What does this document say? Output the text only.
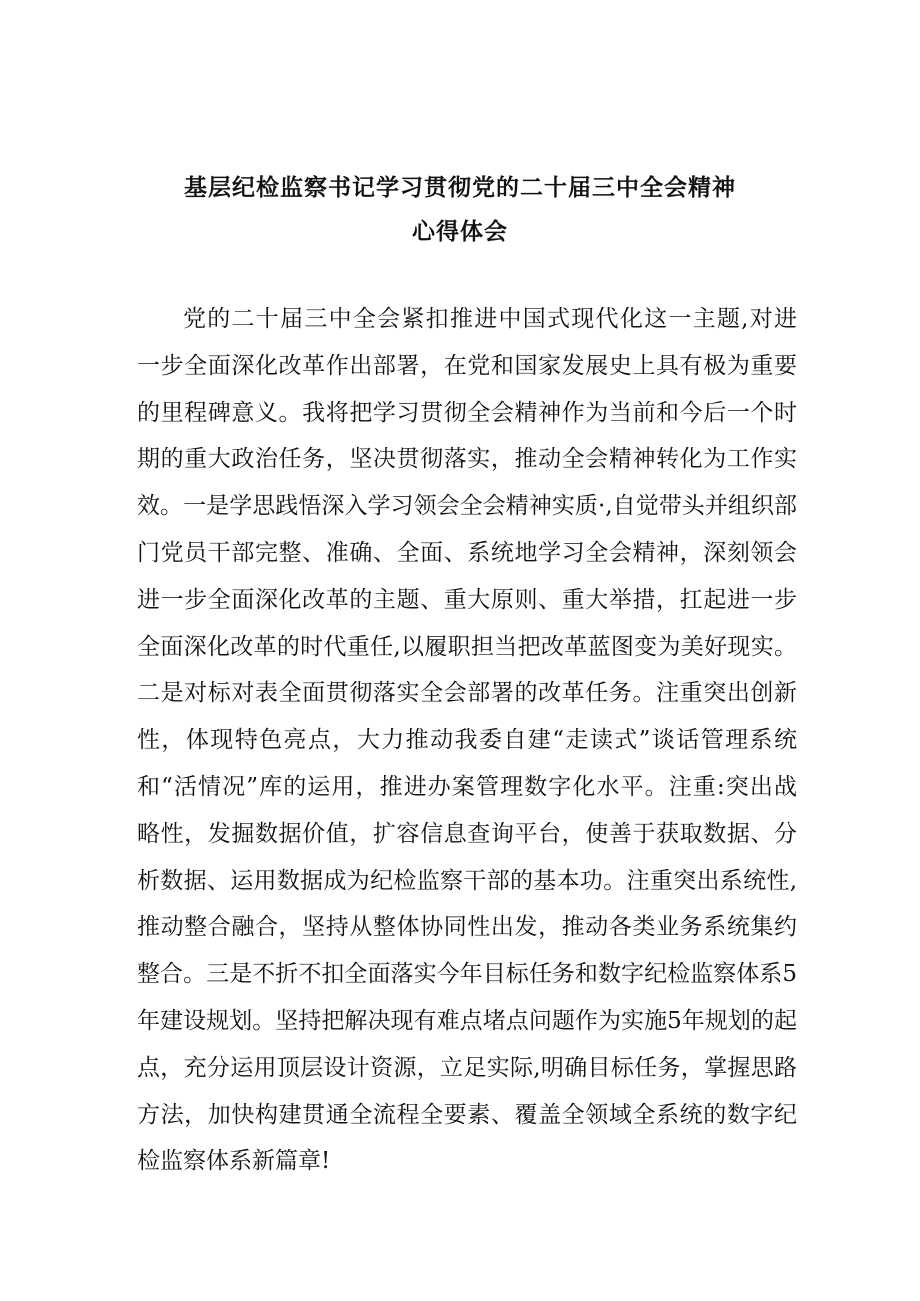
基层纪检监察书记学习贯彻党的二十届三中全会精神
心得体会
党的二十届三中全会紧扣推进中国式现代化这一主题,对进
一步全面深化改革作出部署，在党和国家发展史上具有极为重要
的里程碑意义。我将把学习贯彻全会精神作为当前和今后一个时
期的重大政治任务，坚决贯彻落实，推动全会精神转化为工作实
效。一是学思践悟深入学习领会全会精神实质·,自觉带头并组织部
门党员干部完整、准确、全面、系统地学习全会精神，深刻领会
进一步全面深化改革的主题、重大原则、重大举措，扛起进一步
全面深化改革的时代重任,以履职担当把改革蓝图变为美好现实。
二是对标对表全面贯彻落实全会部署的改革任务。注重突出创新
性，体现特色亮点，大力推动我委自建“走读式”谈话管理系统
和“活情况”库的运用，推进办案管理数字化水平。注重:突出战
略性，发掘数据价值，扩容信息查询平台，使善于获取数据、分
析数据、运用数据成为纪检监察干部的基本功。注重突出系统性,
推动整合融合，坚持从整体协同性出发，推动各类业务系统集约
整合。三是不折不扣全面落实今年目标任务和数字纪检监察体系5
年建设规划。坚持把解决现有难点堵点问题作为实施5年规划的起
点，充分运用顶层设计资源，立足实际,明确目标任务，掌握思路
方法，加快构建贯通全流程全要素、覆盖全领域全系统的数字纪
检监察体系新篇章!
